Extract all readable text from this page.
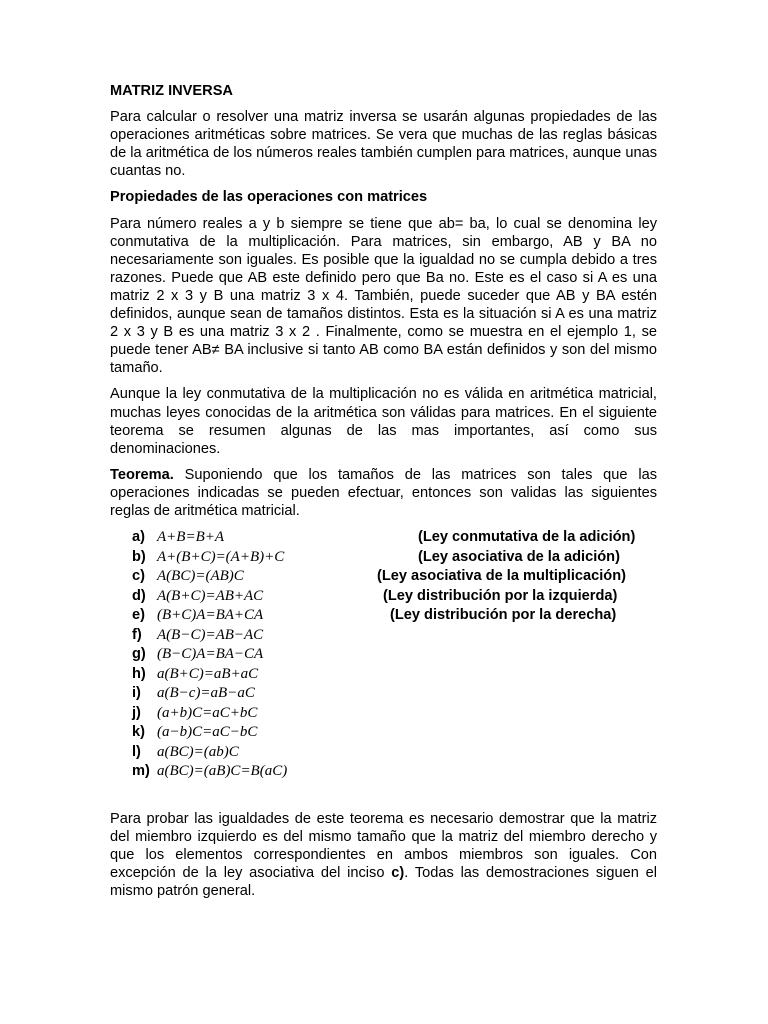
MATRIZ INVERSA

Para calcular o resolver una matriz inversa se usarán algunas propiedades de las operaciones aritméticas sobre matrices. Se vera que muchas de las reglas básicas de la aritmética de los números reales también cumplen para matrices, aunque unas cuantas no.

Propiedades de las operaciones con matrices

Para número reales a y b siempre se tiene que ab= ba, lo cual se denomina ley conmutativa de la multiplicación. Para matrices, sin embargo, AB y BA no necesariamente son iguales. Es posible que la igualdad no se cumpla debido a tres razones. Puede que AB este definido pero que Ba no. Este es el caso si A es una matriz 2 x 3 y B una matriz 3 x 4. También, puede suceder que AB y BA estén definidos, aunque sean de tamaños distintos. Esta es la situación si A es una matriz 2 x 3 y B es una matriz 3 x 2 . Finalmente, como se muestra en el ejemplo 1, se puede tener AB≠ BA inclusive si tanto AB como BA están definidos y son del mismo tamaño.

Aunque la ley conmutativa de la multiplicación no es válida en aritmética matricial, muchas leyes conocidas de la aritmética son válidas para matrices. En el siguiente teorema se resumen algunas de las mas importantes, así como sus denominaciones.

Teorema. Suponiendo que los tamaños de las matrices son tales que las operaciones indicadas se pueden efectuar, entonces son validas las siguientes reglas de aritmética matricial.

a) A+B=B+A	(Ley conmutativa de la adición)
b) A+(B+C)=(A+B)+C	(Ley asociativa de la adición)
c) A(BC)=(AB)C	(Ley asociativa de la multiplicación)
d) A(B+C)=AB+AC	(Ley distribución por la izquierda)
e) (B+C)A=BA+CA	(Ley distribución por la derecha)
f) A(B−C)=AB−AC
g) (B−C)A=BA−CA
h) a(B+C)=aB+aC
i) a(B−c)=aB−aC
j) (a+b)C=aC+bC
k) (a−b)C=aC−bC
l) a(BC)=(ab)C
m) a(BC)=(aB)C=B(aC)

Para probar las igualdades de este teorema es necesario demostrar que la matriz del miembro izquierdo es del mismo tamaño que la matriz del miembro derecho y que los elementos correspondientes en ambos miembros son iguales. Con excepción de la ley asociativa del inciso c). Todas las demostraciones siguen el mismo patrón general.
